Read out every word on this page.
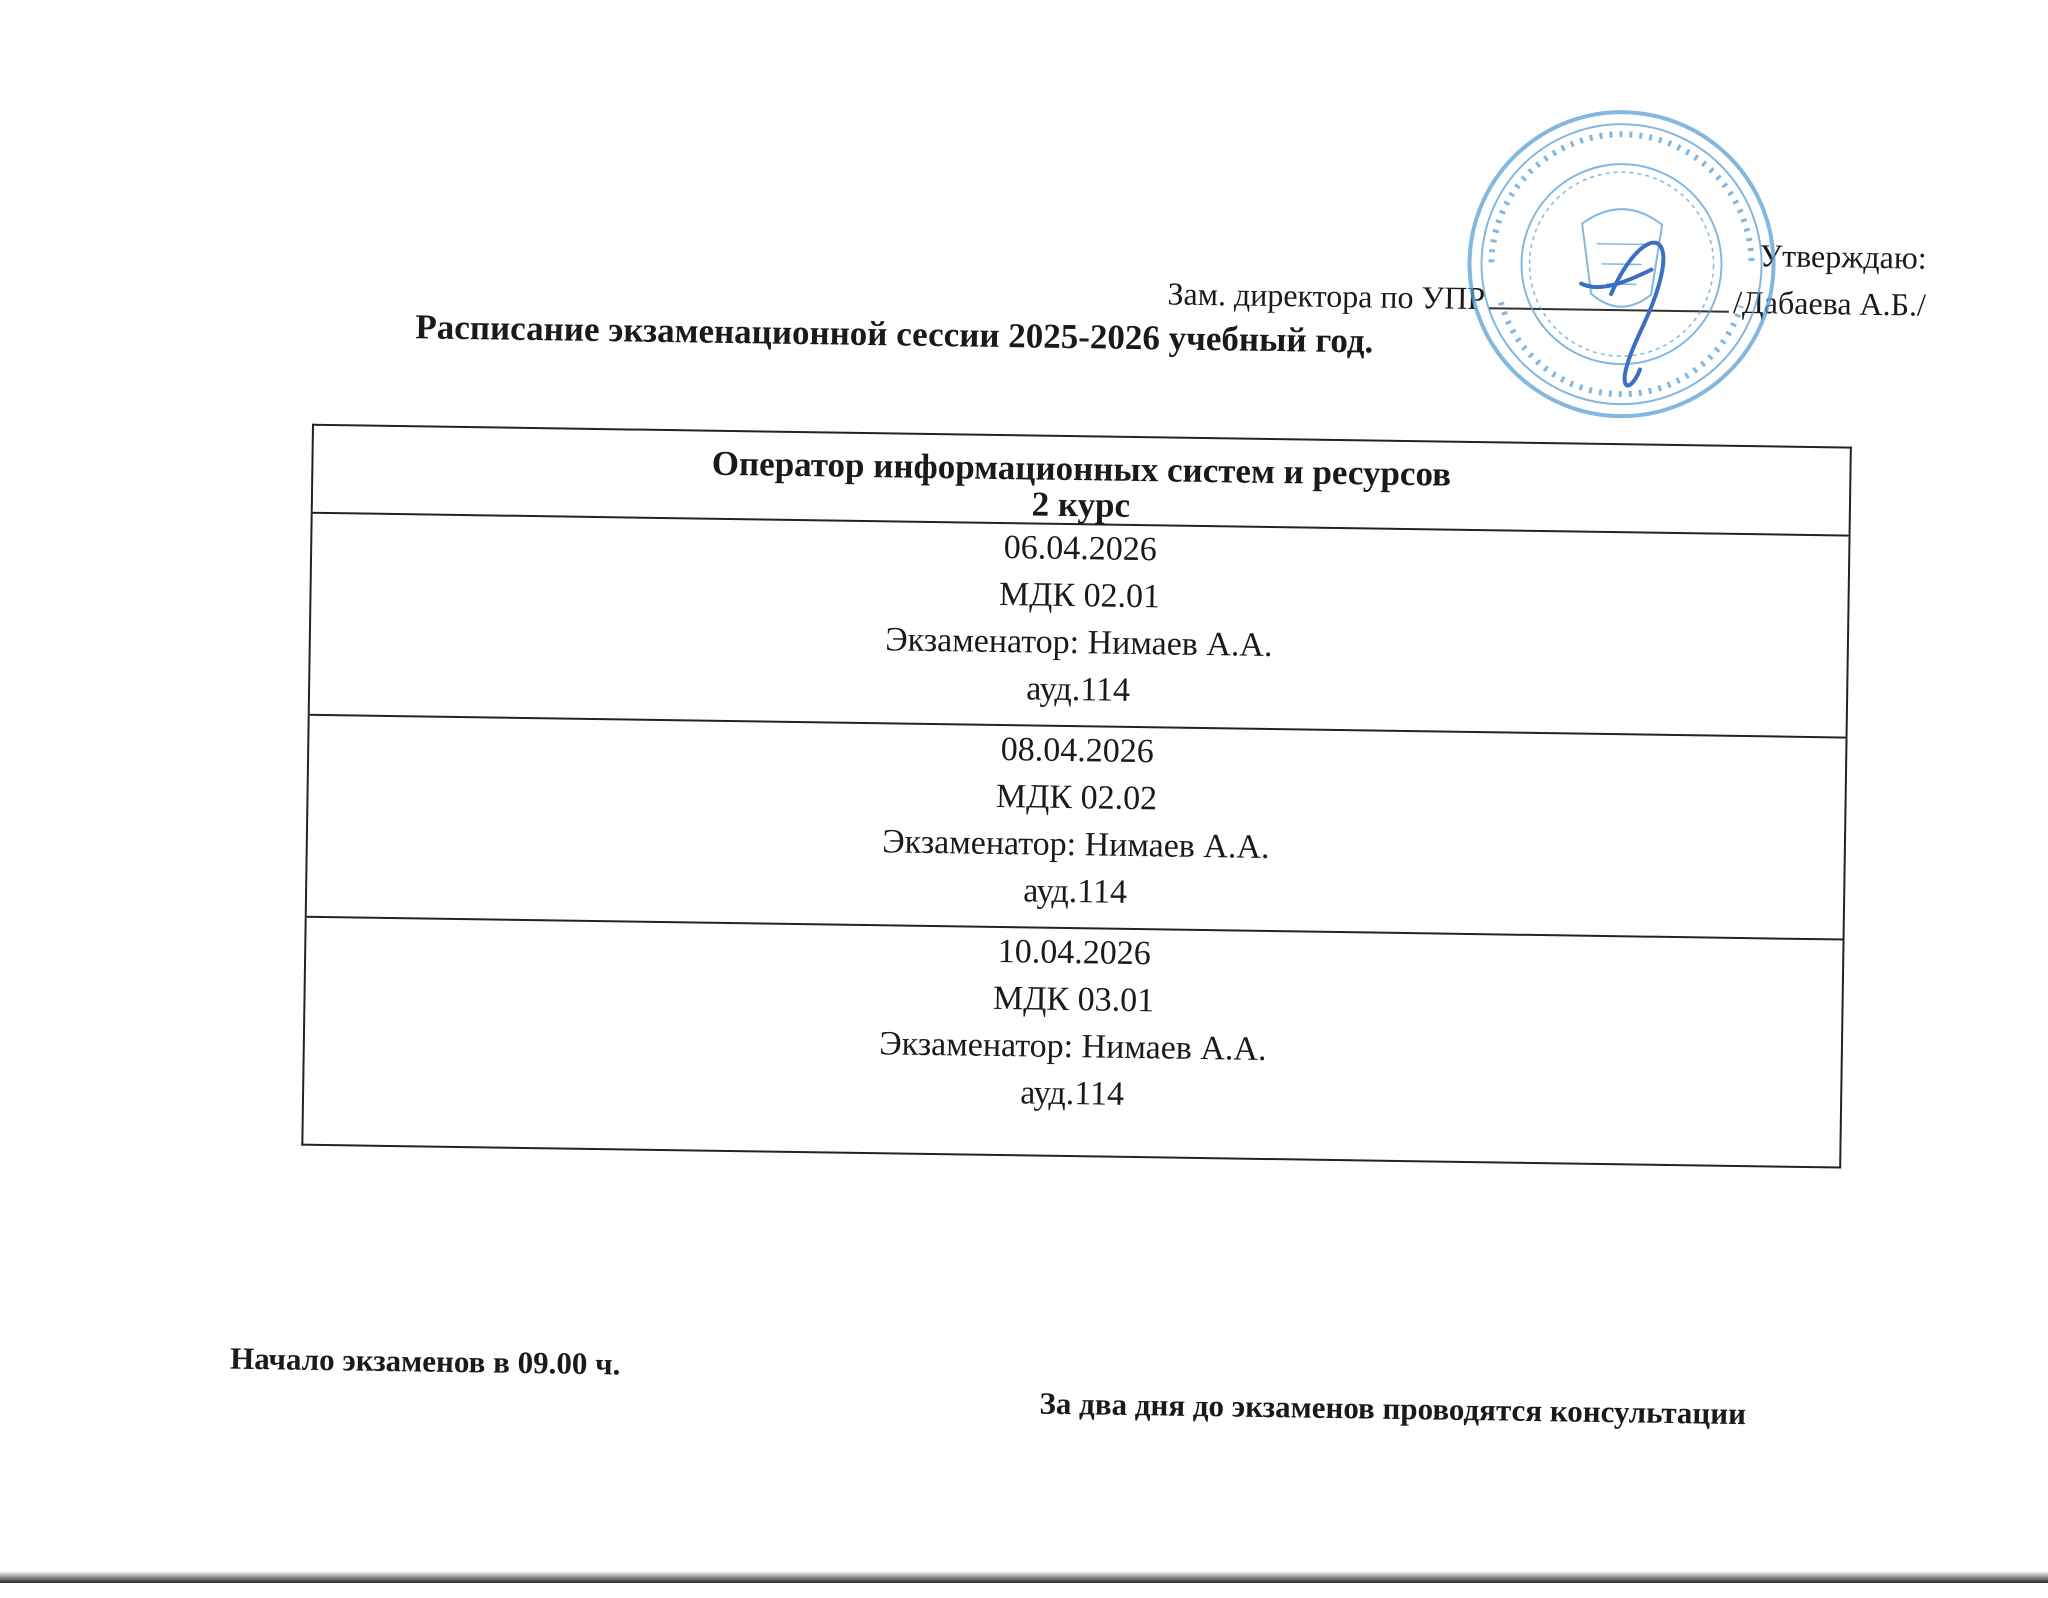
Утверждаю:
Зам. директора по УПР	/Дабаева А.Б./
Расписание экзаменационной сессии 2025-2026 учебный год.
Оператор информационных систем и ресурсов
2 курс

06.04.2026
МДК 02.01
Экзаменатор: Нимаев А.А.
ауд.114

08.04.2026
МДК 02.02
Экзаменатор: Нимаев А.А.
ауд.114

10.04.2026
МДК 03.01
Экзаменатор: Нимаев А.А.
ауд.114
Начало экзаменов в 09.00 ч.
За два дня до экзаменов проводятся консультации
